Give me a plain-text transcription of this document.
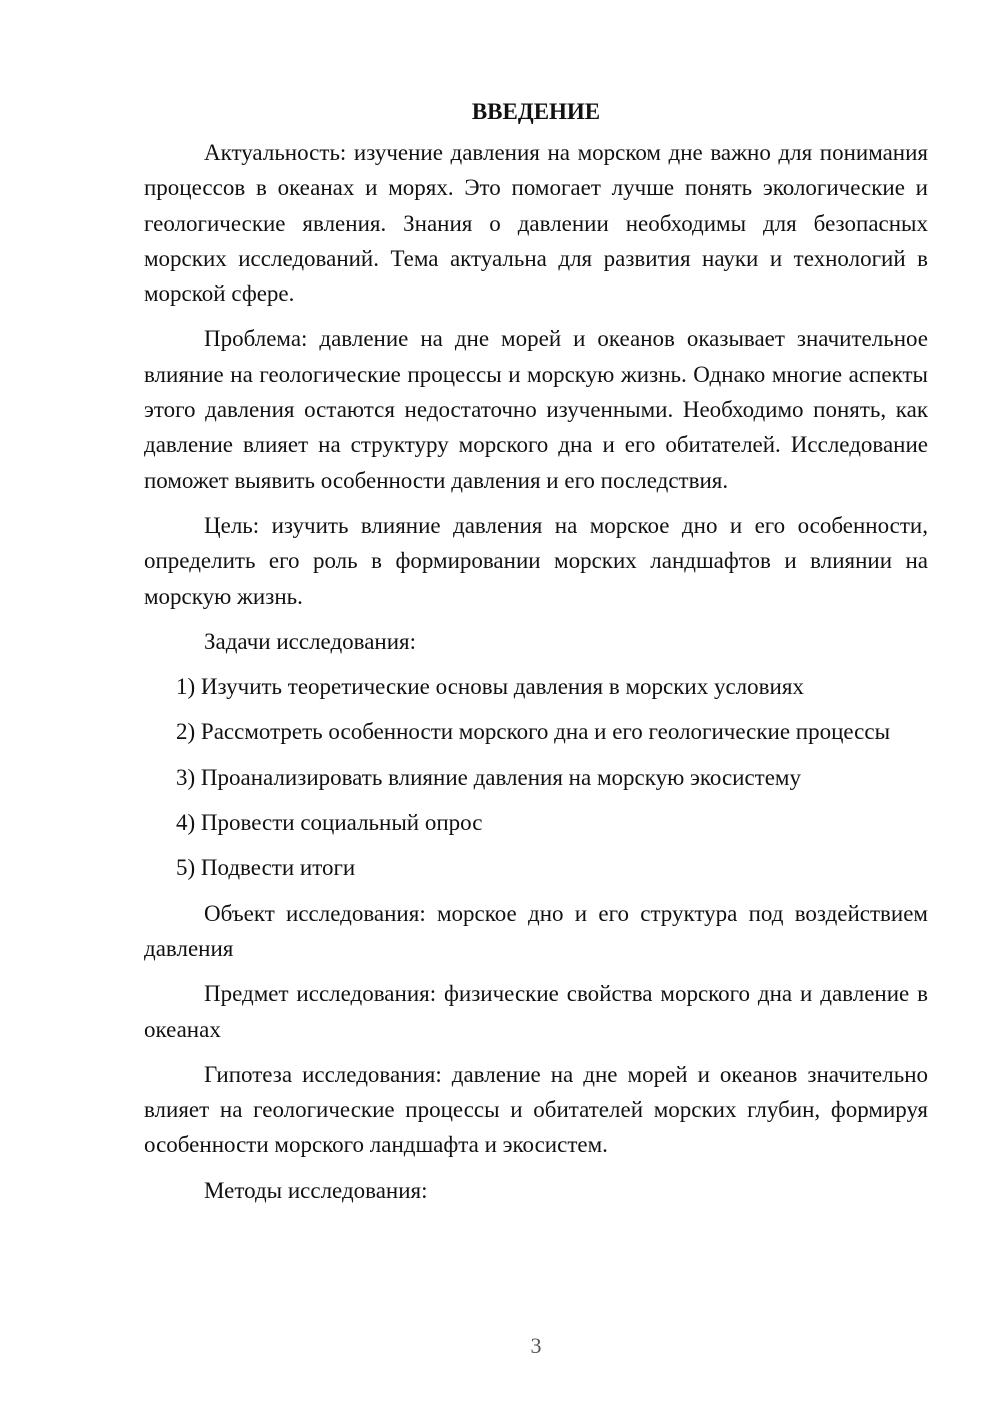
ВВЕДЕНИЕ

Актуальность: изучение давления на морском дне важно для понимания процессов в океанах и морях. Это помогает лучше понять экологические и геологические явления. Знания о давлении необходимы для безопасных морских исследований. Тема актуальна для развития науки и технологий в морской сфере.

Проблема: давление на дне морей и океанов оказывает значительное влияние на геологические процессы и морскую жизнь. Однако многие аспекты этого давления остаются недостаточно изученными. Необходимо понять, как давление влияет на структуру морского дна и его обитателей. Исследование поможет выявить особенности давления и его последствия.

Цель: изучить влияние давления на морское дно и его особенности, определить его роль в формировании морских ландшафтов и влиянии на морскую жизнь.

Задачи исследования:

1) Изучить теоретические основы давления в морских условиях

2) Рассмотреть особенности морского дна и его геологические процессы

3) Проанализировать влияние давления на морскую экосистему

4) Провести социальный опрос

5) Подвести итоги

Объект исследования: морское дно и его структура под воздействием давления

Предмет исследования: физические свойства морского дна и давление в океанах

Гипотеза исследования: давление на дне морей и океанов значительно влияет на геологические процессы и обитателей морских глубин, формируя особенности морского ландшафта и экосистем.

Методы исследования:

3
